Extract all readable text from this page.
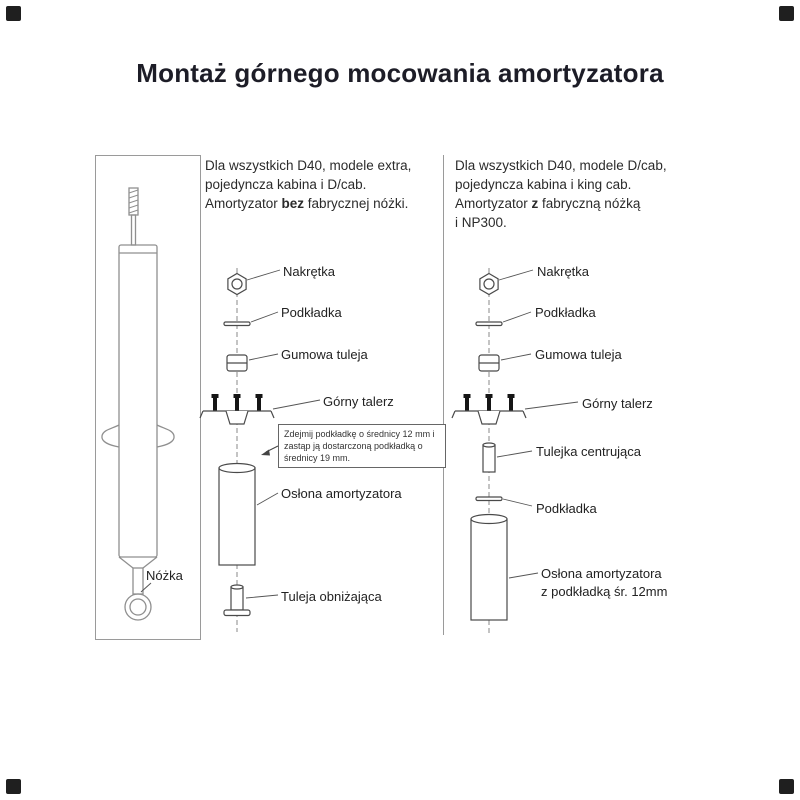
Montaż górnego mocowania amortyzatora
Dla wszystkich D40, modele extra,
pojedyncza kabina i D/cab.
Amortyzator bez fabrycznej nóżki.
Dla wszystkich D40, modele D/cab,
pojedyncza kabina i king cab.
Amortyzator z fabryczną nóżką
i NP300.
Nóżka
Nakrętka
Podkładka
Gumowa tuleja
Górny talerz
Zdejmij podkładkę o średnicy 12 mm i zastąp ją dostarczoną podkładką o średnicy 19 mm.
Osłona amortyzatora
Tuleja obniżająca
Nakrętka
Podkładka
Gumowa tuleja
Górny talerz
Tulejka centrująca
Podkładka
Osłona amortyzatora
z podkładką śr. 12mm
